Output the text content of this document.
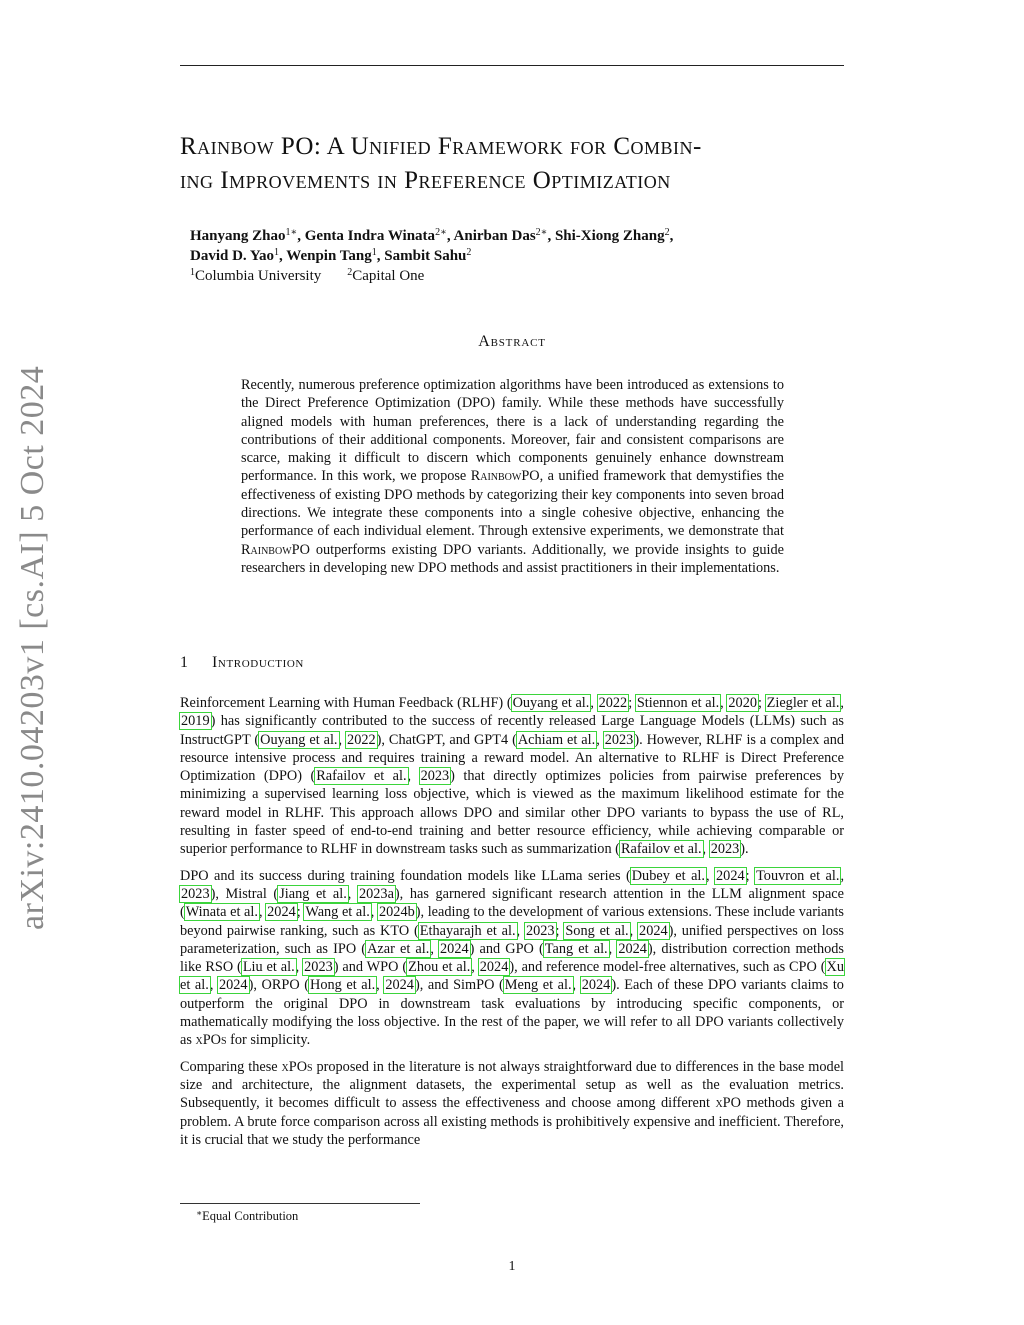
arXiv:2410.04203v1 [cs.AI] 5 Oct 2024
Rainbow PO: A Unified Framework for Combin-
ing Improvements in Preference Optimization
Hanyang Zhao$^{1∗}$, Genta Indra Winata$^{2∗}$, Anirban Das$^{2∗}$, Shi-Xiong Zhang$^2$,
David D. Yao$^1$, Wenpin Tang$^1$, Sambit Sahu$^2$
$^1$Columbia University	$^2$Capital One
Abstract
Recently, numerous preference optimization algorithms have been introduced as extensions to the Direct Preference Optimization (DPO) family. While these methods have successfully aligned models with human preferences, there is a lack of understanding regarding the contributions of their additional components. Moreover, fair and consistent comparisons are scarce, making it difficult to discern which components genuinely enhance downstream performance. In this work, we propose RainbowPO, a unified framework that demystifies the effectiveness of existing DPO methods by categorizing their key components into seven broad directions. We integrate these components into a single cohesive objective, enhancing the performance of each individual element. Through extensive experiments, we demonstrate that RainbowPO outperforms existing DPO variants. Additionally, we provide insights to guide researchers in developing new DPO methods and assist practitioners in their implementations.
1 Introduction

Reinforcement Learning with Human Feedback (RLHF) (Ouyang et al., 2022; Stiennon et al., 2020; Ziegler et al., 2019) has significantly contributed to the success of recently released Large Language Models (LLMs) such as InstructGPT (Ouyang et al., 2022), ChatGPT, and GPT4 (Achiam et al., 2023). However, RLHF is a complex and resource intensive process and requires training a reward model. An alternative to RLHF is Direct Preference Optimization (DPO) (Rafailov et al., 2023) that directly optimizes policies from pairwise preferences by minimizing a supervised learning loss objective, which is viewed as the maximum likelihood estimate for the reward model in RLHF. This approach allows DPO and similar other DPO variants to bypass the use of RL, resulting in faster speed of end-to-end training and better resource efficiency, while achieving comparable or superior performance to RLHF in downstream tasks such as summarization (Rafailov et al., 2023).

DPO and its success during training foundation models like LLama series (Dubey et al., 2024; Touvron et al., 2023), Mistral (Jiang et al., 2023a), has garnered significant research attention in the LLM alignment space (Winata et al., 2024; Wang et al., 2024b), leading to the development of various extensions. These include variants beyond pairwise ranking, such as KTO (Ethayarajh et al., 2023; Song et al., 2024), unified perspectives on loss parameterization, such as IPO (Azar et al., 2024) and GPO (Tang et al., 2024), distribution correction methods like RSO (Liu et al., 2023) and WPO (Zhou et al., 2024), and reference model-free alternatives, such as CPO (Xu et al., 2024), ORPO (Hong et al., 2024), and SimPO (Meng et al., 2024). Each of these DPO variants claims to outperform the original DPO in downstream task evaluations by introducing specific components, or mathematically modifying the loss objective. In the rest of the paper, we will refer to all DPO variants collectively as xPOs for simplicity.

Comparing these xPOs proposed in the literature is not always straightforward due to differences in the base model size and architecture, the alignment datasets, the experimental setup as well as the evaluation metrics. Subsequently, it becomes difficult to assess the effectiveness and choose among different xPO methods given a problem. A brute force comparison across all existing methods is prohibitively expensive and inefficient. Therefore, it is crucial that we study the performance

∗Equal Contribution
1
